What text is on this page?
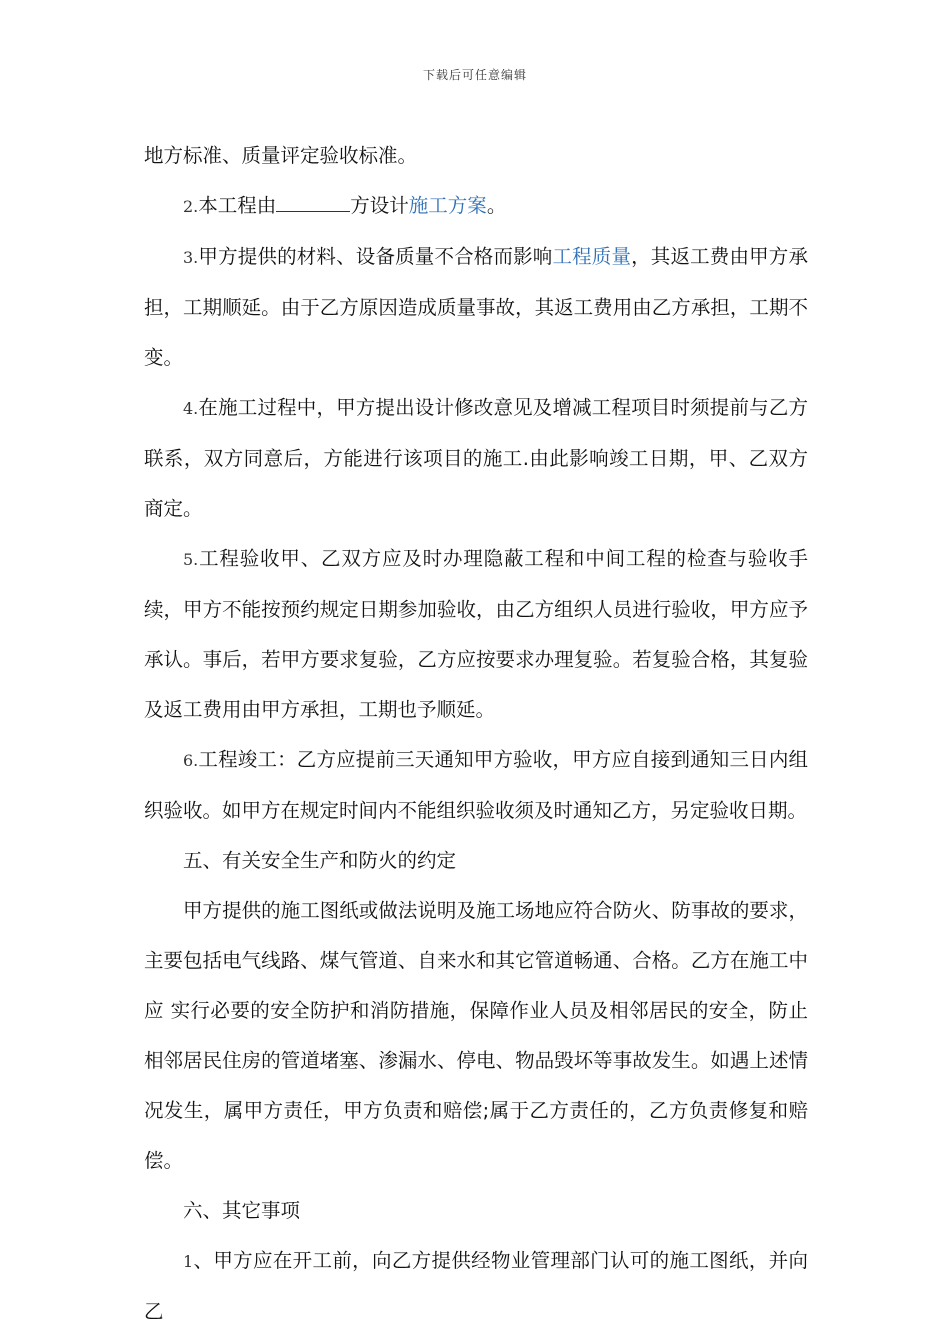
下载后可任意编辑

地方标准、质量评定验收标准。

2.本工程由	方设计施工方案。

3.甲方提供的材料、设备质量不合格而影响工程质量，其返工费由甲方承担，工期顺延。由于乙方原因造成质量事故，其返工费用由乙方承担，工期不变。

4.在施工过程中，甲方提出设计修改意见及增减工程项目时须提前与乙方联系，双方同意后，方能进行该项目的施工.由此影响竣工日期，甲、乙双方商定。

5.工程验收甲、乙双方应及时办理隐蔽工程和中间工程的检查与验收手续，甲方不能按预约规定日期参加验收，由乙方组织人员进行验收，甲方应予承认。事后，若甲方要求复验，乙方应按要求办理复验。若复验合格，其复验及返工费用由甲方承担，工期也予顺延。

6.工程竣工：乙方应提前三天通知甲方验收，甲方应自接到通知三日内组织验收。如甲方在规定时间内不能组织验收须及时通知乙方，另定验收日期。

五、有关安全生产和防火的约定

甲方提供的施工图纸或做法说明及施工场地应符合防火、防事故的要求，主要包括电气线路、煤气管道、自来水和其它管道畅通、合格。乙方在施工中应 实行必要的安全防护和消防措施，保障作业人员及相邻居民的安全，防止相邻居民住房的管道堵塞、渗漏水、停电、物品毁坏等事故发生。如遇上述情况发生，属甲方责任，甲方负责和赔偿;属于乙方责任的，乙方负责修复和赔偿。

六、其它事项

1、甲方应在开工前，向乙方提供经物业管理部门认可的施工图纸，并向乙
